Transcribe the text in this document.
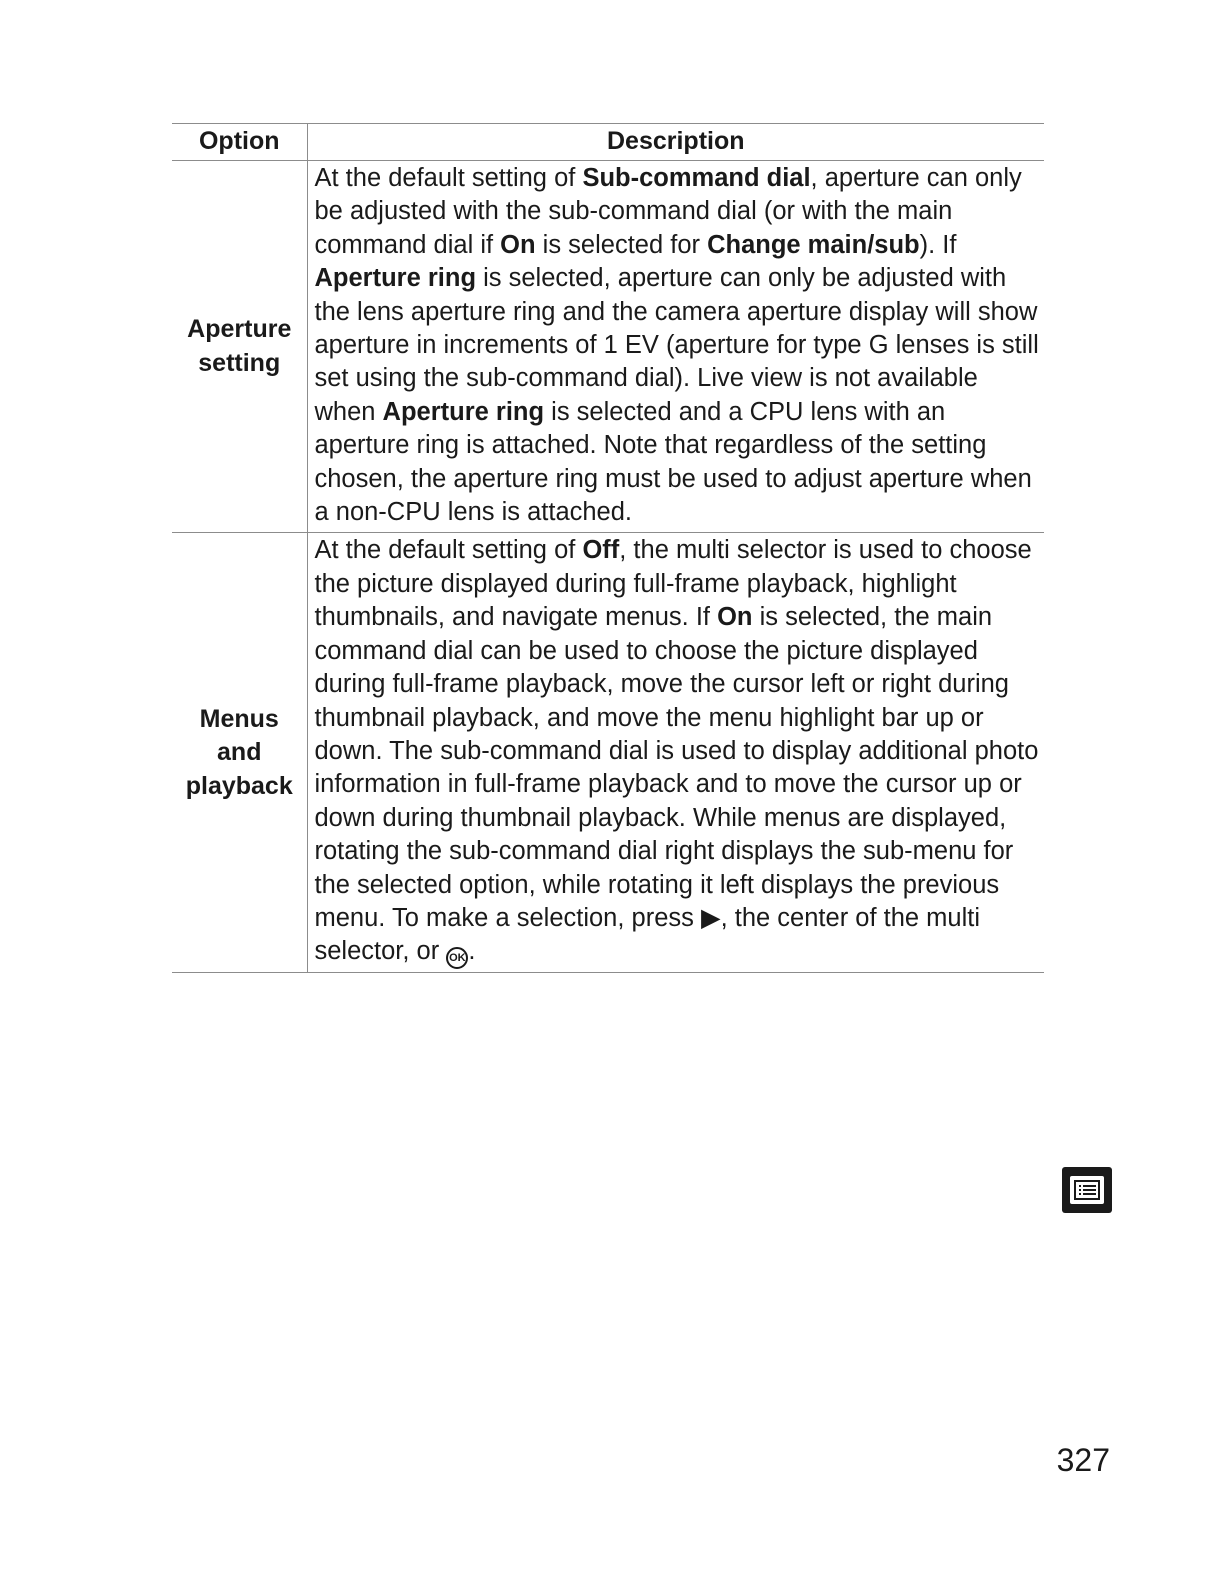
Option	Description
Aperture setting	At the default setting of Sub-command dial, aperture can only be adjusted with the sub-command dial (or with the main command dial if On is selected for Change main/sub). If Aperture ring is selected, aperture can only be adjusted with the lens aperture ring and the camera aperture display will show aperture in increments of 1 EV (aperture for type G lenses is still set using the sub-command dial). Live view is not available when Aperture ring is selected and a CPU lens with an aperture ring is attached. Note that regardless of the setting chosen, the aperture ring must be used to adjust aperture when a non-CPU lens is attached.
Menus and playback	At the default setting of Off, the multi selector is used to choose the picture displayed during full-frame playback, highlight thumbnails, and navigate menus. If On is selected, the main command dial can be used to choose the picture displayed during full-frame playback, move the cursor left or right during thumbnail playback, and move the menu highlight bar up or down. The sub-command dial is used to display additional photo information in full-frame playback and to move the cursor up or down during thumbnail playback. While menus are displayed, rotating the sub-command dial right displays the sub-menu for the selected option, while rotating it left displays the previous menu. To make a selection, press ▶, the center of the multi selector, or OK .
327
